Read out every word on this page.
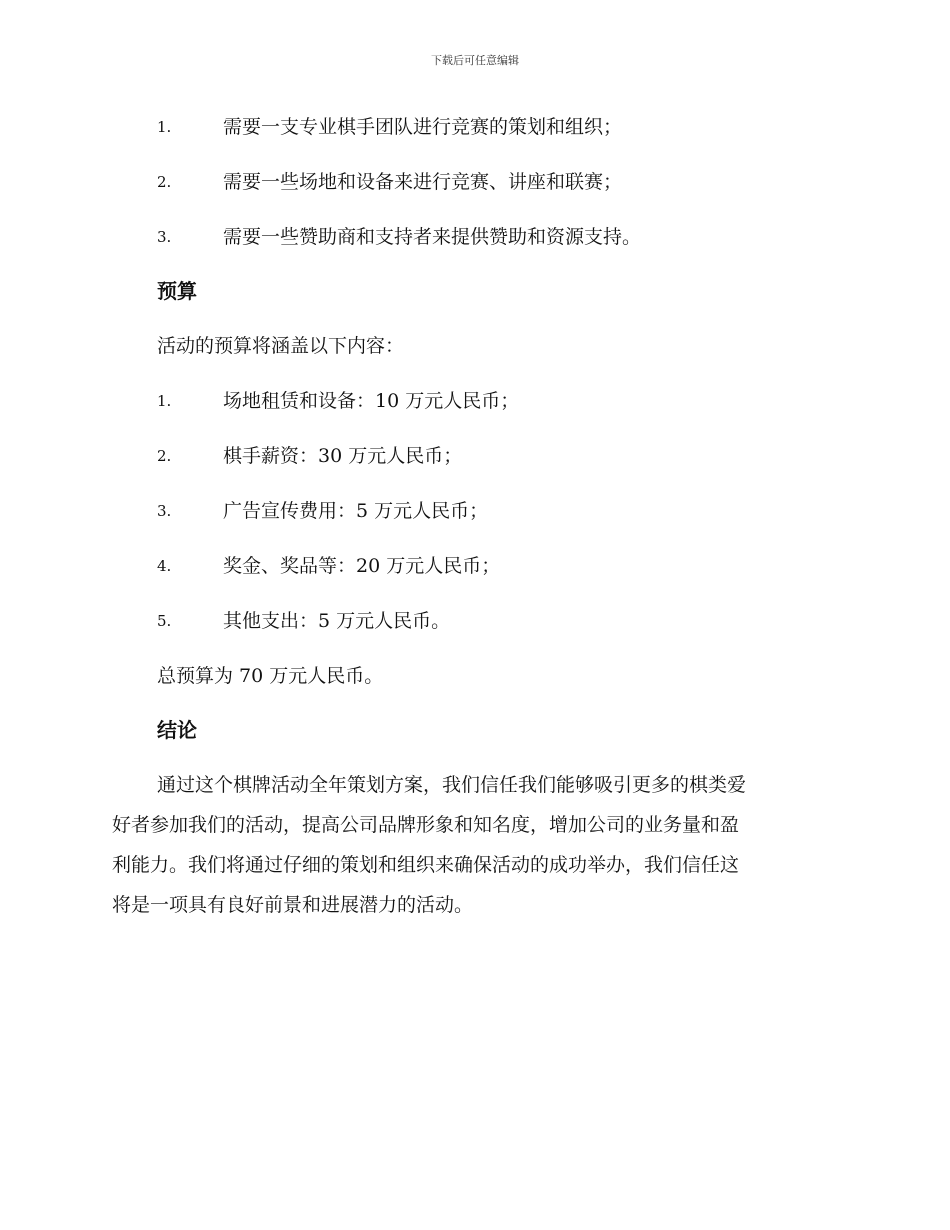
下载后可任意编辑
1.	需要一支专业棋手团队进行竞赛的策划和组织；
2.	需要一些场地和设备来进行竞赛、讲座和联赛；
3.	需要一些赞助商和支持者来提供赞助和资源支持。
预算
活动的预算将涵盖以下内容：
1.	场地租赁和设备：10 万元人民币；
2.	棋手薪资：30 万元人民币；
3.	广告宣传费用：5 万元人民币；
4.	奖金、奖品等：20 万元人民币；
5.	其他支出：5 万元人民币。
总预算为 70 万元人民币。
结论
通过这个棋牌活动全年策划方案，我们信任我们能够吸引更多的棋类爱
好者参加我们的活动，提高公司品牌形象和知名度，增加公司的业务量和盈
利能力。我们将通过仔细的策划和组织来确保活动的成功举办，我们信任这
将是一项具有良好前景和进展潜力的活动。
